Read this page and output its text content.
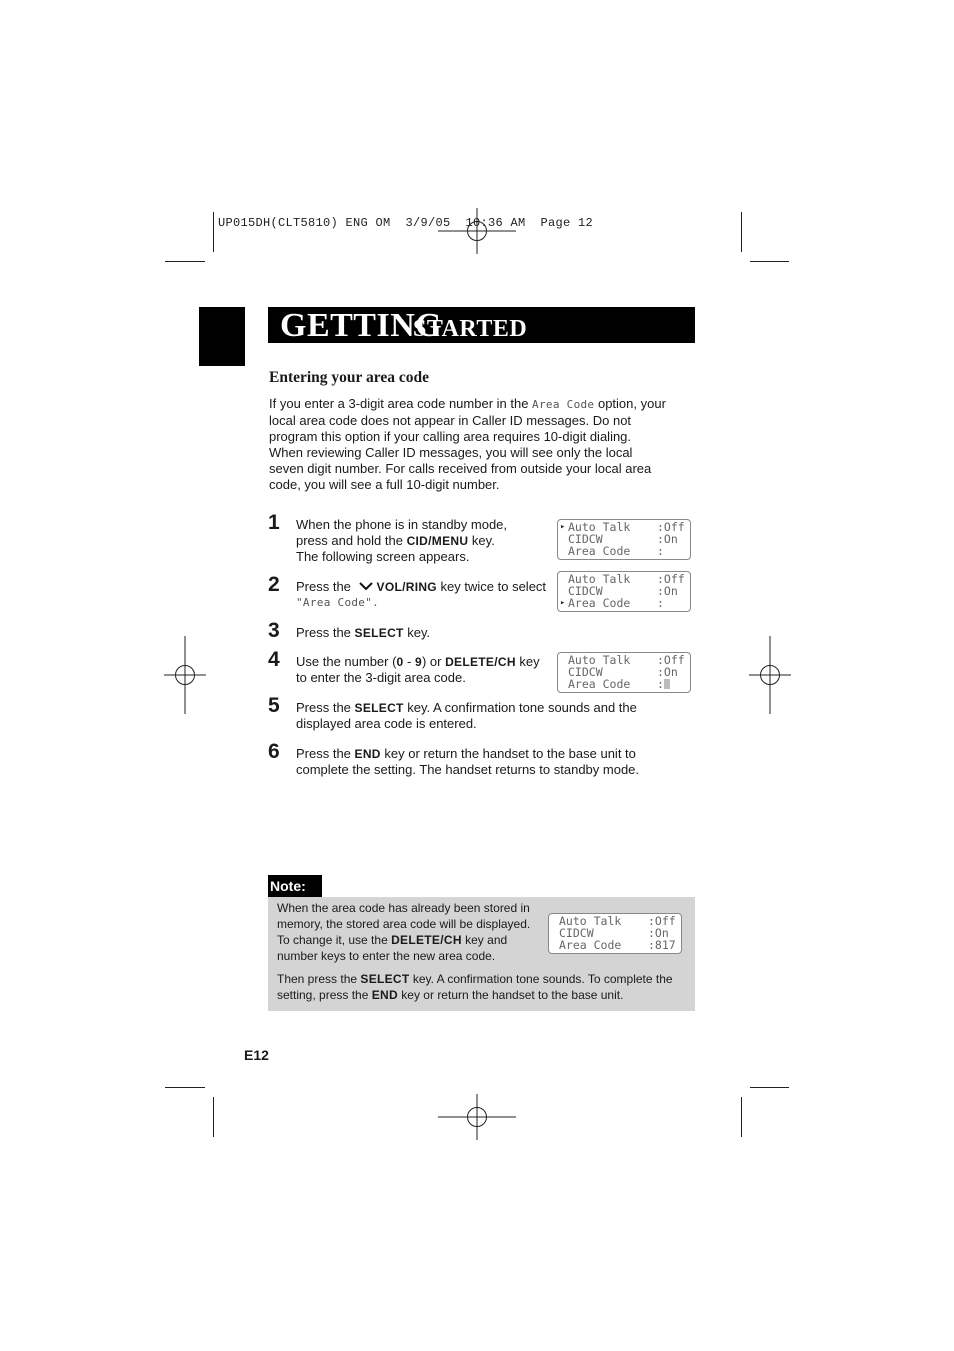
UP015DH(CLT5810) ENG OM  3/9/05  10:36 AM  Page 12
GETTING
STARTED
Entering your area code
If you enter a 3-digit area code number in the Area Code option, your
local area code does not appear in Caller ID messages. Do not
program this option if your calling area requires 10-digit dialing.
When reviewing Caller ID messages, you will see only the local
seven digit number. For calls received from outside your local area
code, you will see a full 10-digit number.
1 When the phone is in standby mode,
press and hold the CID/MENU key.
The following screen appears.
2 Press the VOL/RING key twice to select
"Area Code".
3 Press the SELECT key.
4 Use the number (0 - 9) or DELETE/CH key
to enter the 3-digit area code.
5 Press the SELECT key. A confirmation tone sounds and the
displayed area code is entered.
6 Press the END key or return the handset to the base unit to
complete the setting. The handset returns to standby mode.
▸ Auto Talk :Off
CIDCW	:On
Area Code :
Auto Talk :Off
CIDCW	:On
▸ Area Code :
Auto Talk :Off
CIDCW	:On
Area Code :
Note:
When the area code has already been stored in
memory, the stored area code will be displayed.
To change it, use the DELETE/CH key and
number keys to enter the new area code.
Then press the SELECT key. A confirmation tone sounds. To complete the
setting, press the END key or return the handset to the base unit.
Auto Talk :Off
CIDCW	:On
Area Code :817
E12
